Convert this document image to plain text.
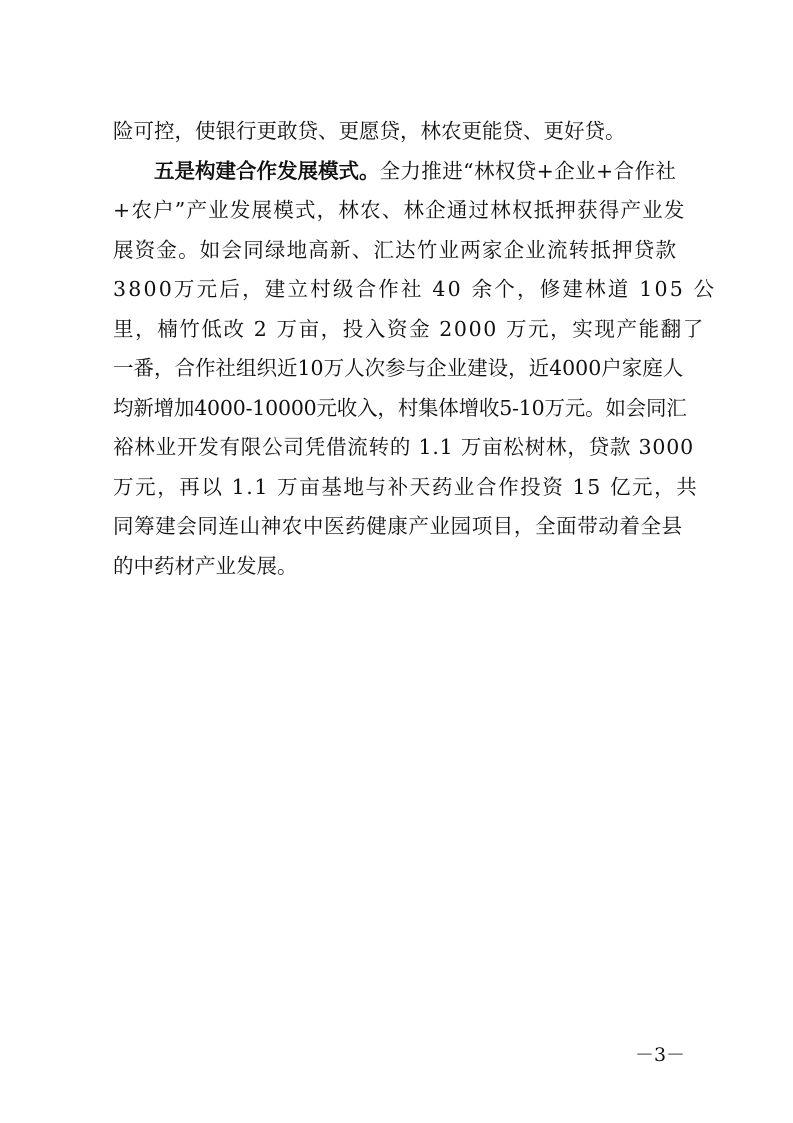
险可控，使银行更敢贷、更愿贷，林农更能贷、更好贷。
五是构建合作发展模式。 全力推进“林权贷+企业+合作社
+农户”产业发展模式，林农、林企通过林权抵押获得产业发
展资金。如会同绿地高新、汇达竹业两家企业流转抵押贷款
3800万元后，建立村级合作社 40 余个，修建林道 105 公
里，楠竹低改 2 万亩，投入资金 2000 万元，实现产能翻了
一番，合作社组织近10万人次参与企业建设，近4000户家庭人
均新增加4000-10000元收入，村集体增收5-10万元。如会同汇
裕林业开发有限公司凭借流转的 1.1 万亩松树林，贷款 3000
万元，再以 1.1 万亩基地与补天药业合作投资 15 亿元，共
同筹建会同连山神农中医药健康产业园项目，全面带动着全县
的中药材产业发展。
－3－
